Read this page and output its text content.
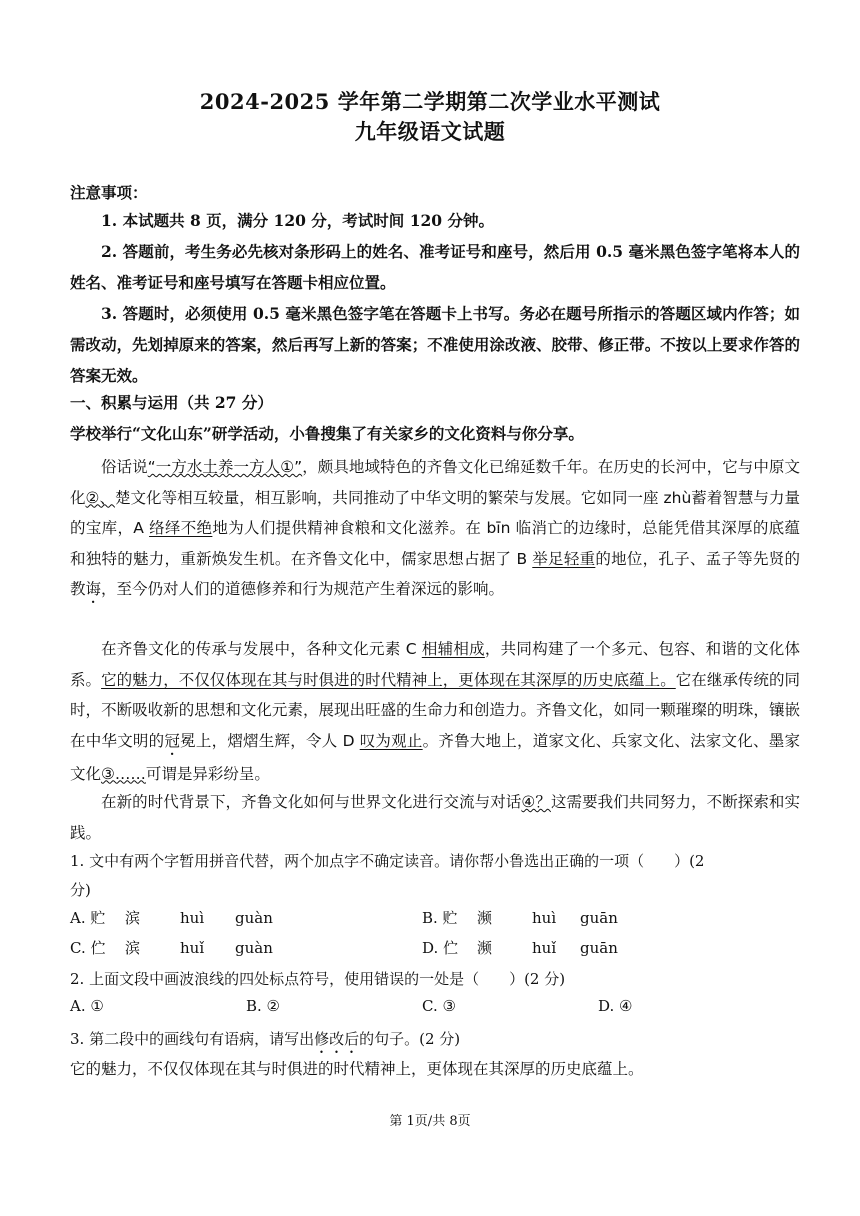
2024-2025 学年第二学期第二次学业水平测试
九年级语文试题
注意事项：
1. 本试题共 8 页，满分 120 分，考试时间 120 分钟。
2. 答题前，考生务必先核对条形码上的姓名、准考证号和座号，然后用 0.5 毫米黑色签字笔将本人的姓名、准考证号和座号填写在答题卡相应位置。
3. 答题时，必须使用 0.5 毫米黑色签字笔在答题卡上书写。务必在题号所指示的答题区域内作答；如需改动，先划掉原来的答案，然后再写上新的答案；不准使用涂改液、胶带、修正带。不按以上要求作答的答案无效。
一、积累与运用（共 27 分）
学校举行“文化山东”研学活动，小鲁搜集了有关家乡的文化资料与你分享。
俗话说“一方水土养一方人①”，颇具地域特色的齐鲁文化已绵延数千年。在历史的长河中，它与中原文化②、楚文化等相互较量，相互影响，共同推动了中华文明的繁荣与发展。它如同一座 zhù蓄着智慧与力量的宝库，A 络绎不绝地为人们提供精神食粮和文化滋养。在 bīn 临消亡的边缘时，总能凭借其深厚的底蕴和独特的魅力，重新焕发生机。在齐鲁文化中，儒家思想占据了 B 举足轻重的地位，孔子、孟子等先贤的教诲，至今仍对人们的道德修养和行为规范产生着深远的影响。
在齐鲁文化的传承与发展中，各种文化元素 C 相辅相成，共同构建了一个多元、包容、和谐的文化体系。它的魅力，不仅仅体现在其与时俱进的时代精神上，更体现在其深厚的历史底蕴上。它在继承传统的同时，不断吸收新的思想和文化元素，展现出旺盛的生命力和创造力。齐鲁文化，如同一颗璀璨的明珠，镶嵌在中华文明的冠冕上，熠熠生辉，令人 D 叹为观止。齐鲁大地上，道家文化、兵家文化、法家文化、墨家文化③……可谓是异彩纷呈。
在新的时代背景下，齐鲁文化如何与世界文化进行交流与对话④？这需要我们共同努力，不断探索和实践。
1. 文中有两个字暂用拼音代替，两个加点字不确定读音。请你帮小鲁选出正确的一项（　　）(2
分)
A. 贮 滨	huì guàn	B. 贮 濒	huì guān
C. 伫 滨	huǐ guàn	D. 伫 濒	huǐ guān
2. 上面文段中画波浪线的四处标点符号，使用错误的一处是（　　）(2 分)
A. ①	B. ②	C. ③	D. ④
3. 第二段中的画线句有语病，请写出修改后的句子。(2 分)
它的魅力，不仅仅体现在其与时俱进的时代精神上，更体现在其深厚的历史底蕴上。
第 1页/共 8页
